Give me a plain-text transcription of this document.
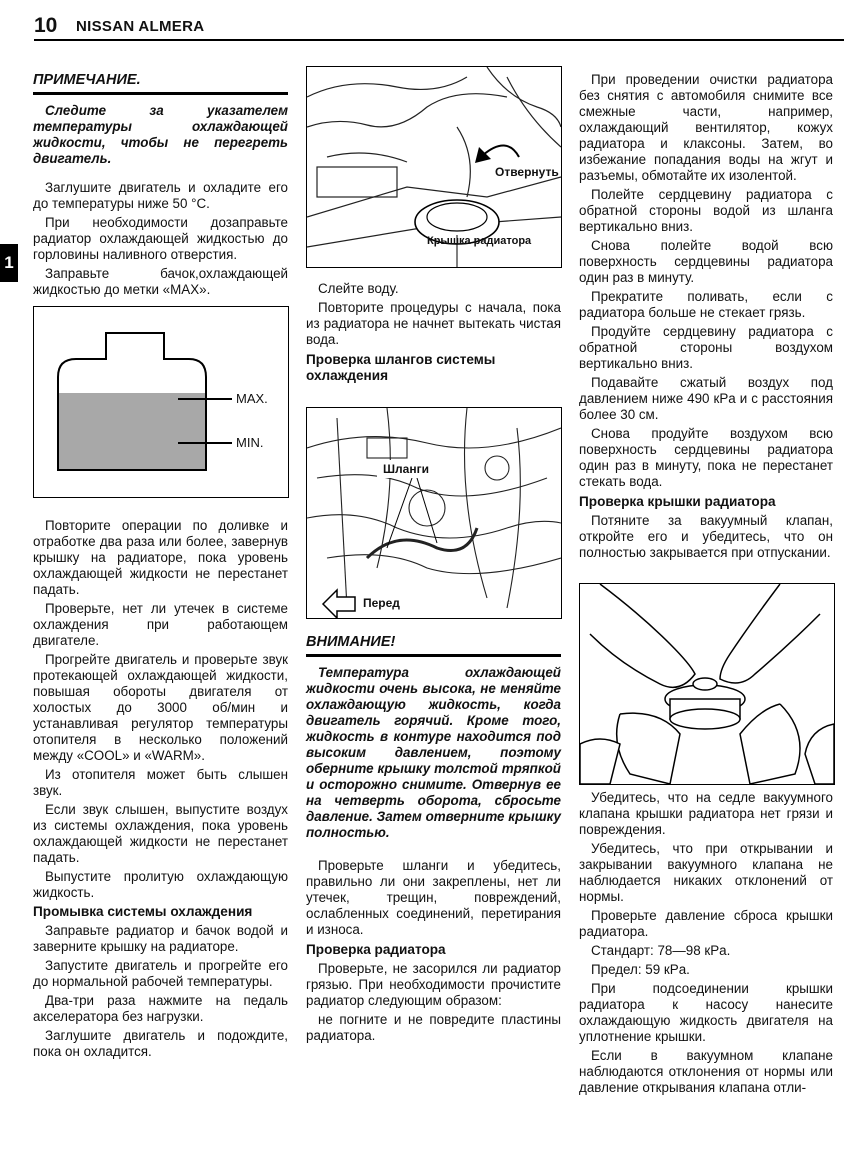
10 NISSAN ALMERA
1
ПРИМЕЧАНИЕ.

Следите за указателем температуры охлаждающей жидкости, чтобы не перегреть двигатель.

Заглушите двигатель и охладите его до температуры ниже 50 °С.

При необходимости дозаправьте радиатор охлаждающей жидкостью до горловины наливного отверстия.

Заправьте бачок,охлаждающей жидкостью до метки «MAX».

MAX.
MIN.

Повторите операции по доливке и отработке два раза или более, завернув крышку на радиаторе, пока уровень охлаждающей жидкости не перестанет падать.

Проверьте, нет ли утечек в системе охлаждения при работающем двигателе.

Прогрейте двигатель и проверьте звук протекающей охлаждающей жидкости, повышая обороты двигателя от холостых до 3000 об/мин и устанавливая регулятор температуры отопителя в несколько положений между «COOL» и «WARM».

Из отопителя может быть слышен звук.

Если звук слышен, выпустите воздух из системы охлаждения, пока уровень охлаждающей жидкости не перестанет падать.

Выпустите пролитую охлаждающую жидкость.

Промывка системы охлаждения

Заправьте радиатор и бачок водой и заверните крышку на радиаторе.

Запустите двигатель и прогрейте его до нормальной рабочей температуры.

Два-три раза нажмите на педаль акселератора без нагрузки.

Заглушите двигатель и подождите, пока он охладится.

Отвернуть
Крышка радиатора

Слейте воду.

Повторите процедуры с начала, пока из радиатора не начнет вытекать чистая вода.

Проверка шлангов системы охлаждения
Шланги
Перед
ВНИМАНИЕ!

Температура охлаждающей жидкости очень высока, не меняйте охлаждающую жидкость, когда двигатель горячий. Кроме того, жидкость в контуре находится под высоким давлением, поэтому оберните крышку толстой тряпкой и осторожно снимите. Отвернув ее на четверть оборота, сбросьте давление. Затем отверните крышку полностью.

Проверьте шланги и убедитесь, правильно ли они закреплены, нет ли утечек, трещин, повреждений, ослабленных соединений, перетирания и износа.

Проверка радиатора

Проверьте, не засорился ли радиатор грязью. При необходимости прочистите радиатор следующим образом:

не погните и не повредите пластины радиатора.

При проведении очистки радиатора без снятия с автомобиля снимите все смежные части, например, охлаждающий вентилятор, кожух радиатора и клаксоны. Затем, во избежание попадания воды на жгут и разъемы, обмотайте их изолентой.

Полейте сердцевину радиатора с обратной стороны водой из шланга вертикально вниз.

Снова полейте водой всю поверхность сердцевины радиатора один раз в минуту.

Прекратите поливать, если с радиатора больше не стекает грязь.

Продуйте сердцевину радиатора с обратной стороны воздухом вертикально вниз.

Подавайте сжатый воздух под давлением ниже 490 кPа и с расстояния более 30 см.

Снова продуйте воздухом всю поверхность сердцевины радиатора один раз в минуту, пока не перестанет стекать вода.

Проверка крышки радиатора

Потяните за вакуумный клапан, откройте его и убедитесь, что он полностью закрывается при отпускании.

Убедитесь, что на седле вакуумного клапана крышки радиатора нет грязи и повреждения.

Убедитесь, что при открывании и закрывании вакуумного клапана не наблюдается никаких отклонений от нормы.

Проверьте давление сброса крышки радиатора.

Стандарт: 78—98 кPа.

Предел: 59 кPа.

При подсоединении крышки радиатора к насосу нанесите охлаждающую жидкость двигателя на уплотнение крышки.

Если в вакуумном клапане наблюдаются отклонения от нормы или давление открывания клапана отли-
